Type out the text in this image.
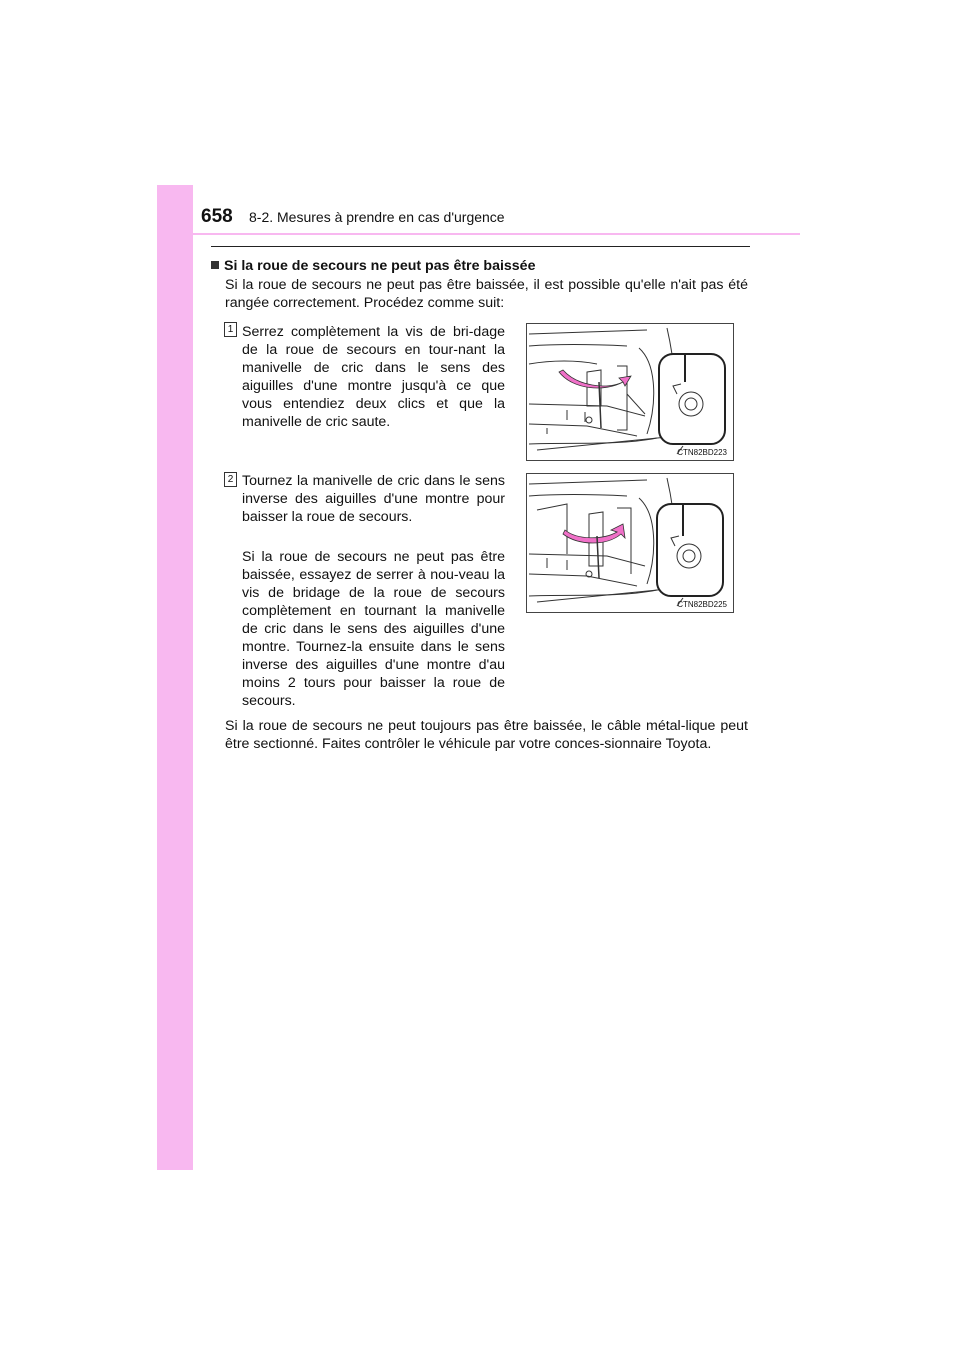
658 8-2. Mesures à prendre en cas d'urgence
Si la roue de secours ne peut pas être baissée
Si la roue de secours ne peut pas être baissée, il est possible qu'elle n'ait pas été rangée correctement. Procédez comme suit:
1 Serrez complètement la vis de bri-dage de la roue de secours en tour-nant la manivelle de cric dans le sens des aiguilles d'une montre jusqu'à ce que vous entendiez deux clics et que la manivelle de cric saute.
CTN82BD223
2 Tournez la manivelle de cric dans le sens inverse des aiguilles d'une montre pour baisser la roue de secours.
Si la roue de secours ne peut pas être baissée, essayez de serrer à nou-veau la vis de bridage de la roue de secours complètement en tournant la manivelle de cric dans le sens des aiguilles d'une montre. Tournez-la ensuite dans le sens inverse des aiguilles d'une montre d'au moins 2 tours pour baisser la roue de secours.
CTN82BD225
Si la roue de secours ne peut toujours pas être baissée, le câble métal-lique peut être sectionné. Faites contrôler le véhicule par votre conces-sionnaire Toyota.
